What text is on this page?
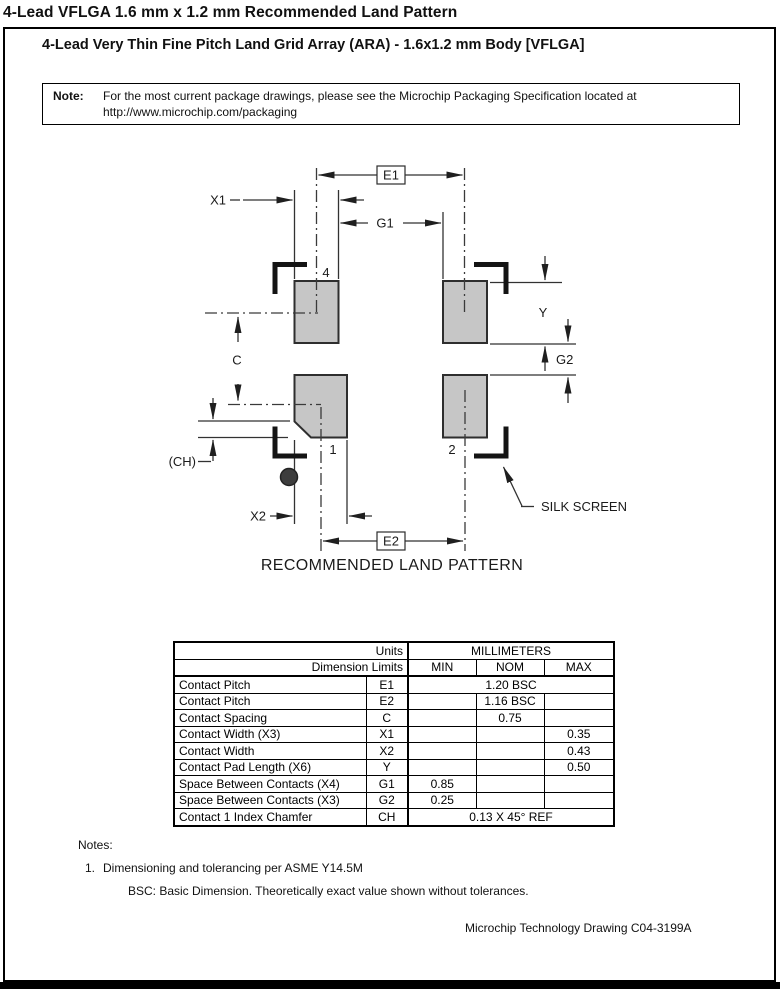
4-Lead VFLGA 1.6 mm x 1.2 mm Recommended Land Pattern
4-Lead Very Thin Fine Pitch Land Grid Array (ARA) - 1.6x1.2 mm Body [VFLGA]
Note:	For the most current package drawings, please see the Microchip Packaging Specification located at
http://www.microchip.com/packaging
E1
X1
G1
C
Y
G2
(CH)
X2
E2
4
1	2
SILK SCREEN
RECOMMENDED LAND PATTERN
Units		MILLIMETERS		
Dimension Limits		MIN	NOM	MAX
Contact Pitch	E1	1.20 BSC		
Contact Pitch	E2		1.16 BSC	
Contact Spacing	C		0.75	
Contact Width (X3)	X1			0.35
Contact Width	X2			0.43
Contact Pad Length (X6)	Y			0.50
Space Between Contacts (X4)	G1	0.85		
Space Between Contacts (X3)	G2	0.25		
Contact 1 Index Chamfer	CH	0.13 X 45° REF		
Notes:
1. Dimensioning and tolerancing per ASME Y14.5M
BSC: Basic Dimension. Theoretically exact value shown without tolerances.
Microchip Technology Drawing C04-3199A
